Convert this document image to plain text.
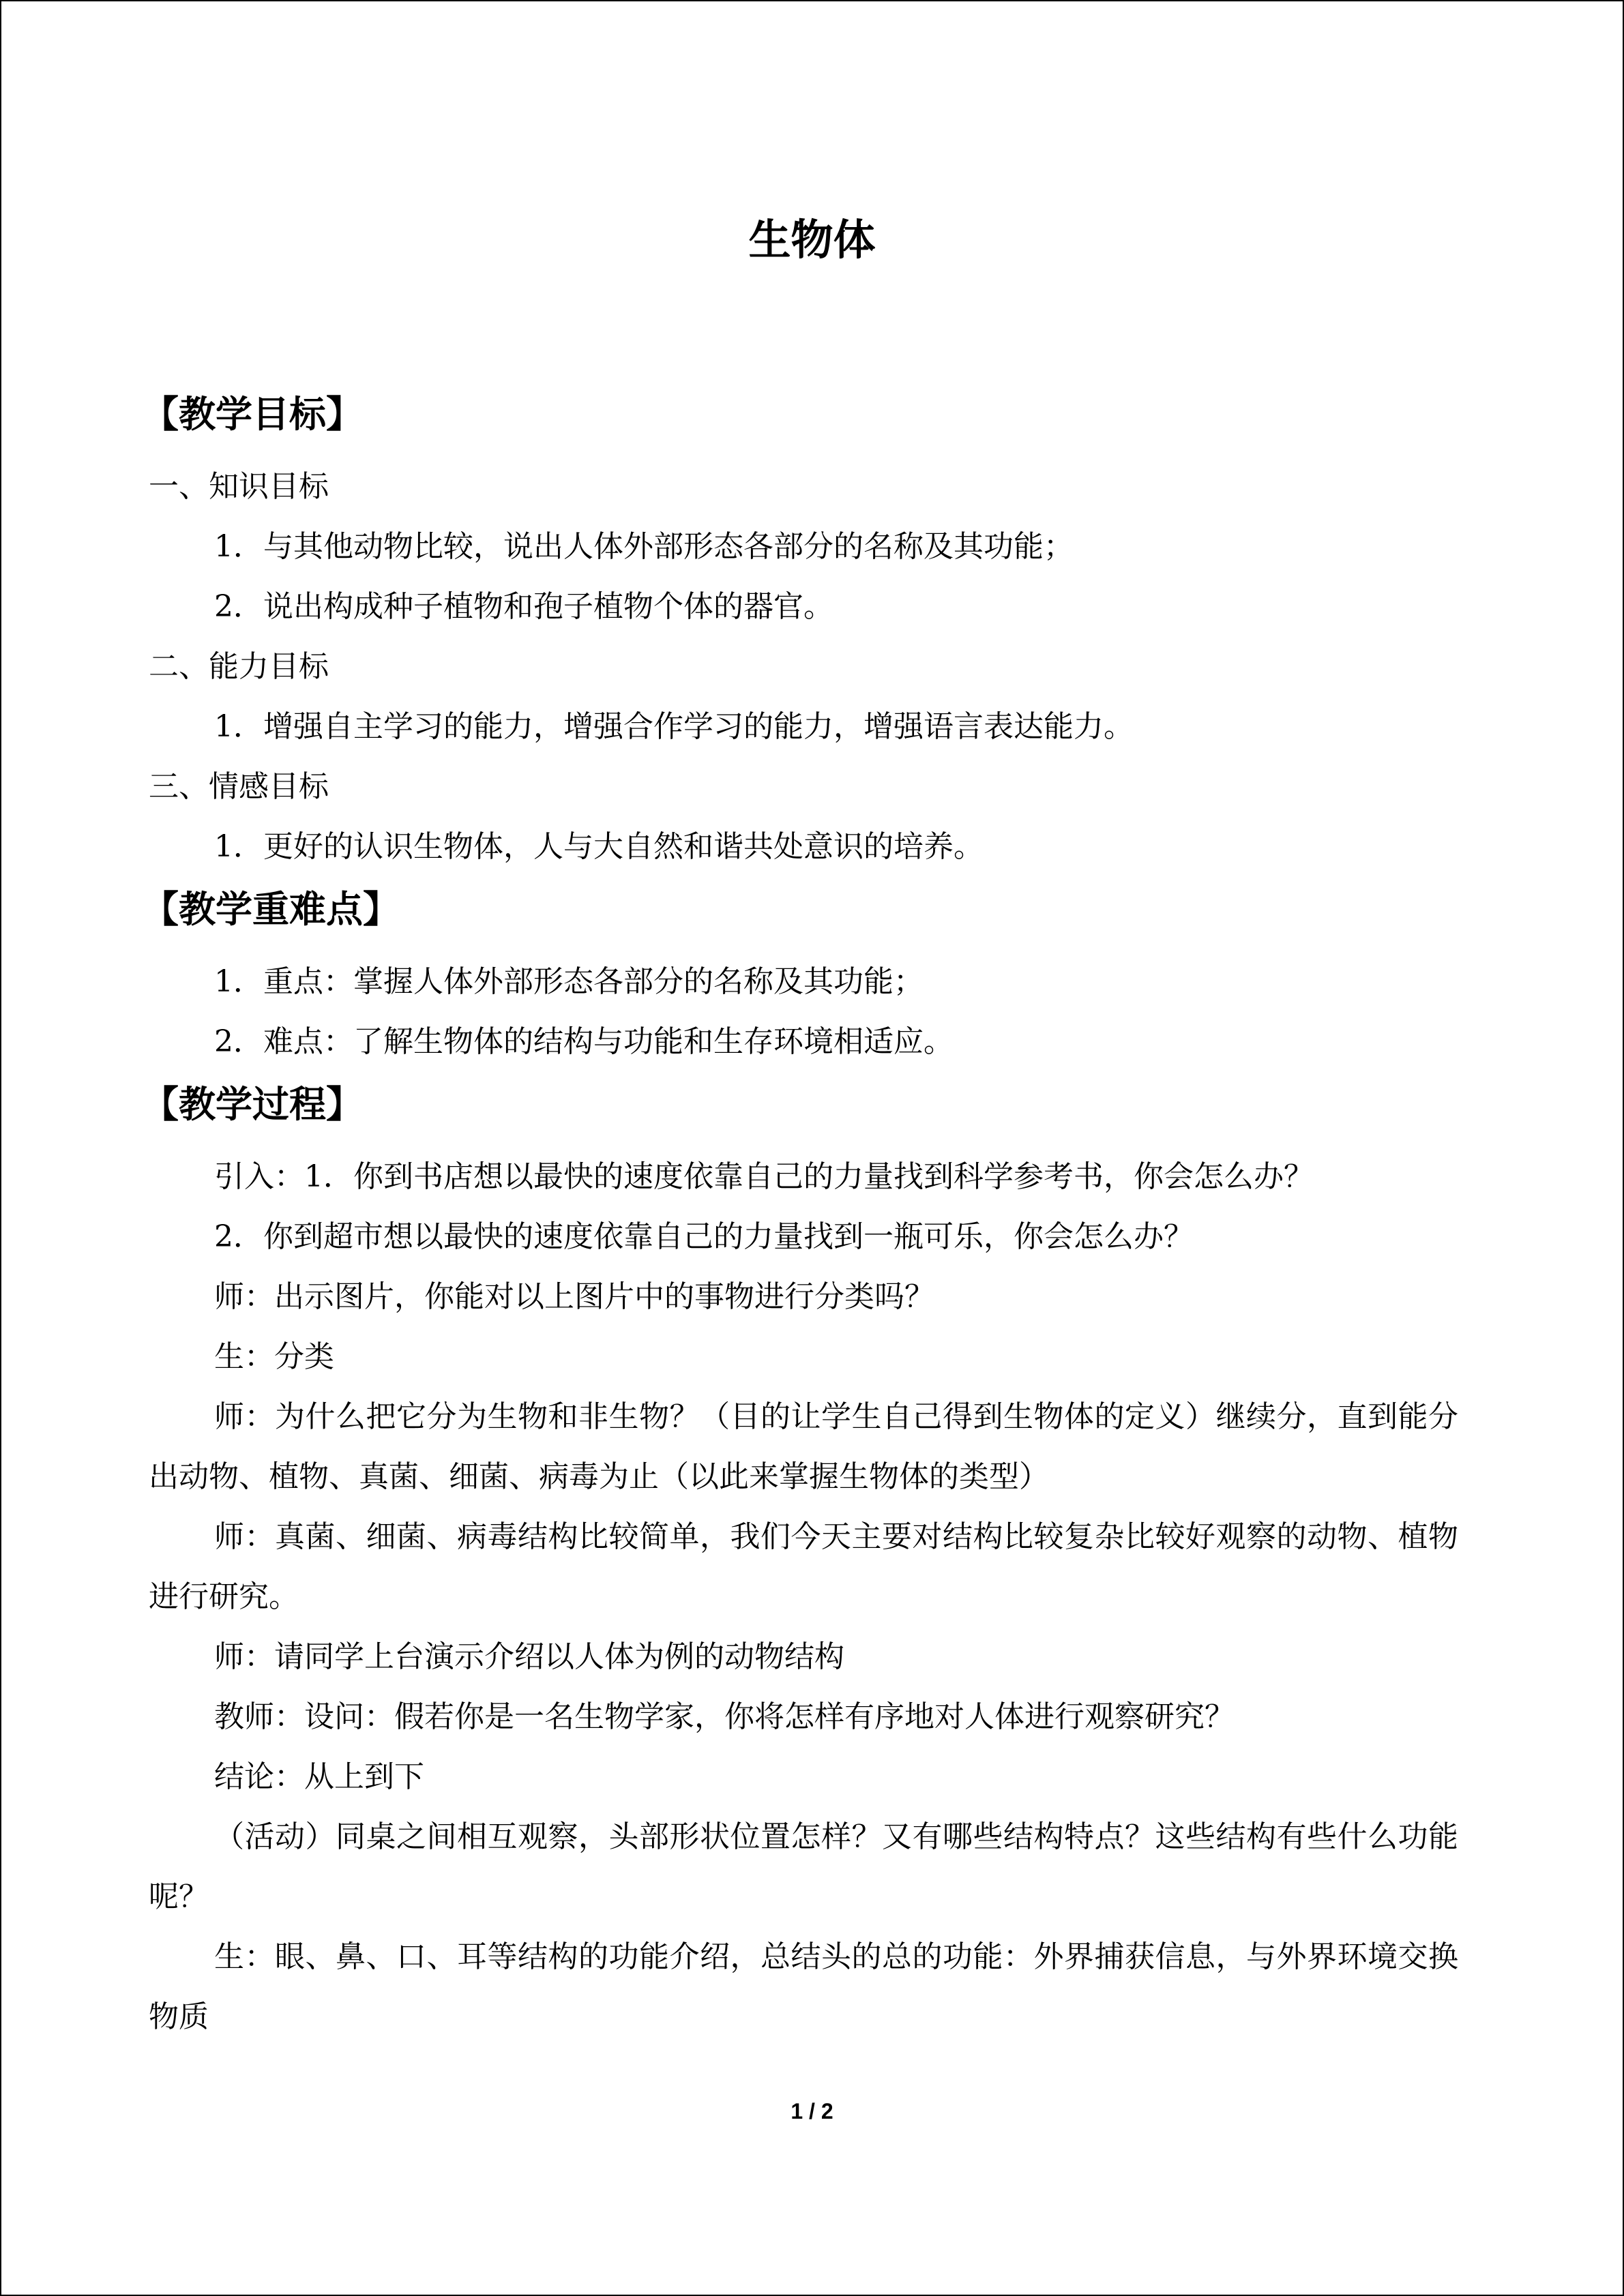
生物体
【教学目标】
一、知识目标
1．与其他动物比较，说出人体外部形态各部分的名称及其功能；
2．说出构成种子植物和孢子植物个体的器官。
二、能力目标
1．增强自主学习的能力，增强合作学习的能力，增强语言表达能力。
三、情感目标
1．更好的认识生物体，人与大自然和谐共处意识的培养。
【教学重难点】
1．重点：掌握人体外部形态各部分的名称及其功能；
2．难点：了解生物体的结构与功能和生存环境相适应。
【教学过程】
引入：1．你到书店想以最快的速度依靠自己的力量找到科学参考书，你会怎么办？
2．你到超市想以最快的速度依靠自己的力量找到一瓶可乐，你会怎么办？
师：出示图片，你能对以上图片中的事物进行分类吗？
生：分类
师：为什么把它分为生物和非生物？（目的让学生自己得到生物体的定义）继续分，直到能分出动物、植物、真菌、细菌、病毒为止（以此来掌握生物体的类型）
师：真菌、细菌、病毒结构比较简单，我们今天主要对结构比较复杂比较好观察的动物、植物进行研究。
师：请同学上台演示介绍以人体为例的动物结构
教师：设问：假若你是一名生物学家，你将怎样有序地对人体进行观察研究？
结论：从上到下
（活动）同桌之间相互观察，头部形状位置怎样？又有哪些结构特点？这些结构有些什么功能呢？
生：眼、鼻、口、耳等结构的功能介绍，总结头的总的功能：外界捕获信息，与外界环境交换物质
1 / 2
